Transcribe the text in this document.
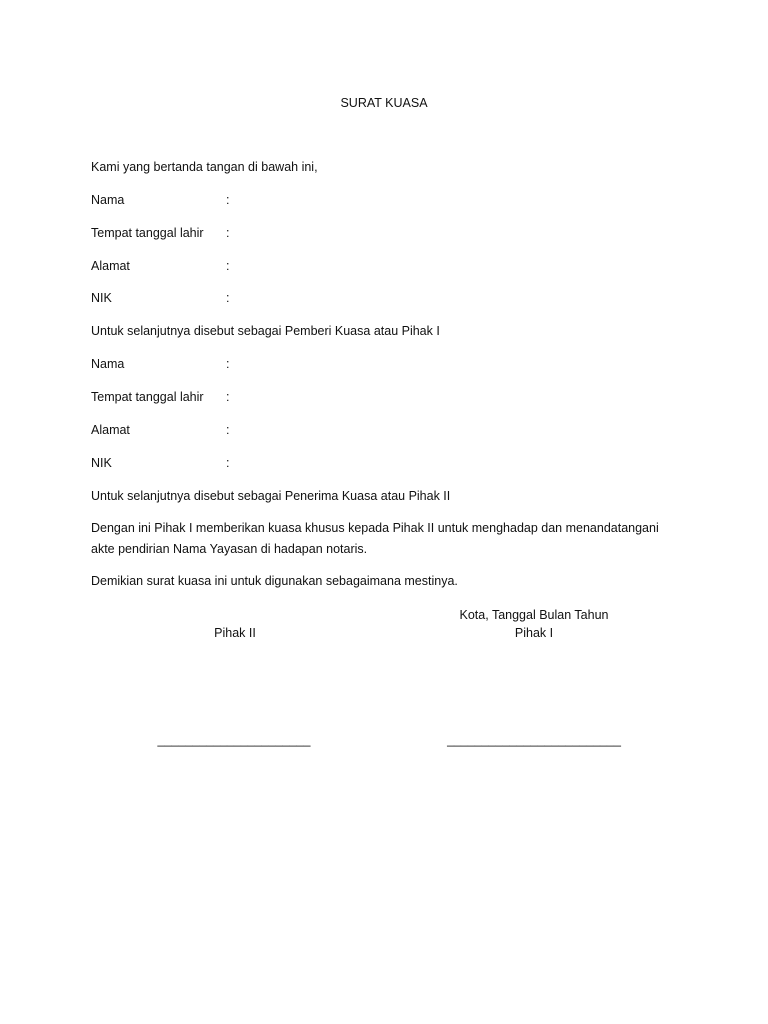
SURAT KUASA
Kami yang bertanda tangan di bawah ini,
Nama	:
Tempat tanggal lahir :
Alamat	:
NIK	:
Untuk selanjutnya disebut sebagai Pemberi Kuasa atau Pihak I
Nama	:
Tempat tanggal lahir :
Alamat	:
NIK	:
Untuk selanjutnya disebut sebagai Penerima Kuasa atau Pihak II
Dengan ini Pihak I memberikan kuasa khusus kepada Pihak II untuk menghadap dan menandatangani
akte pendirian Nama Yayasan di hadapan notaris.
Demikian surat kuasa ini untuk digunakan sebagaimana mestinya.
Kota, Tanggal Bulan Tahun
Pihak II	Pihak I
______________________	_________________________
